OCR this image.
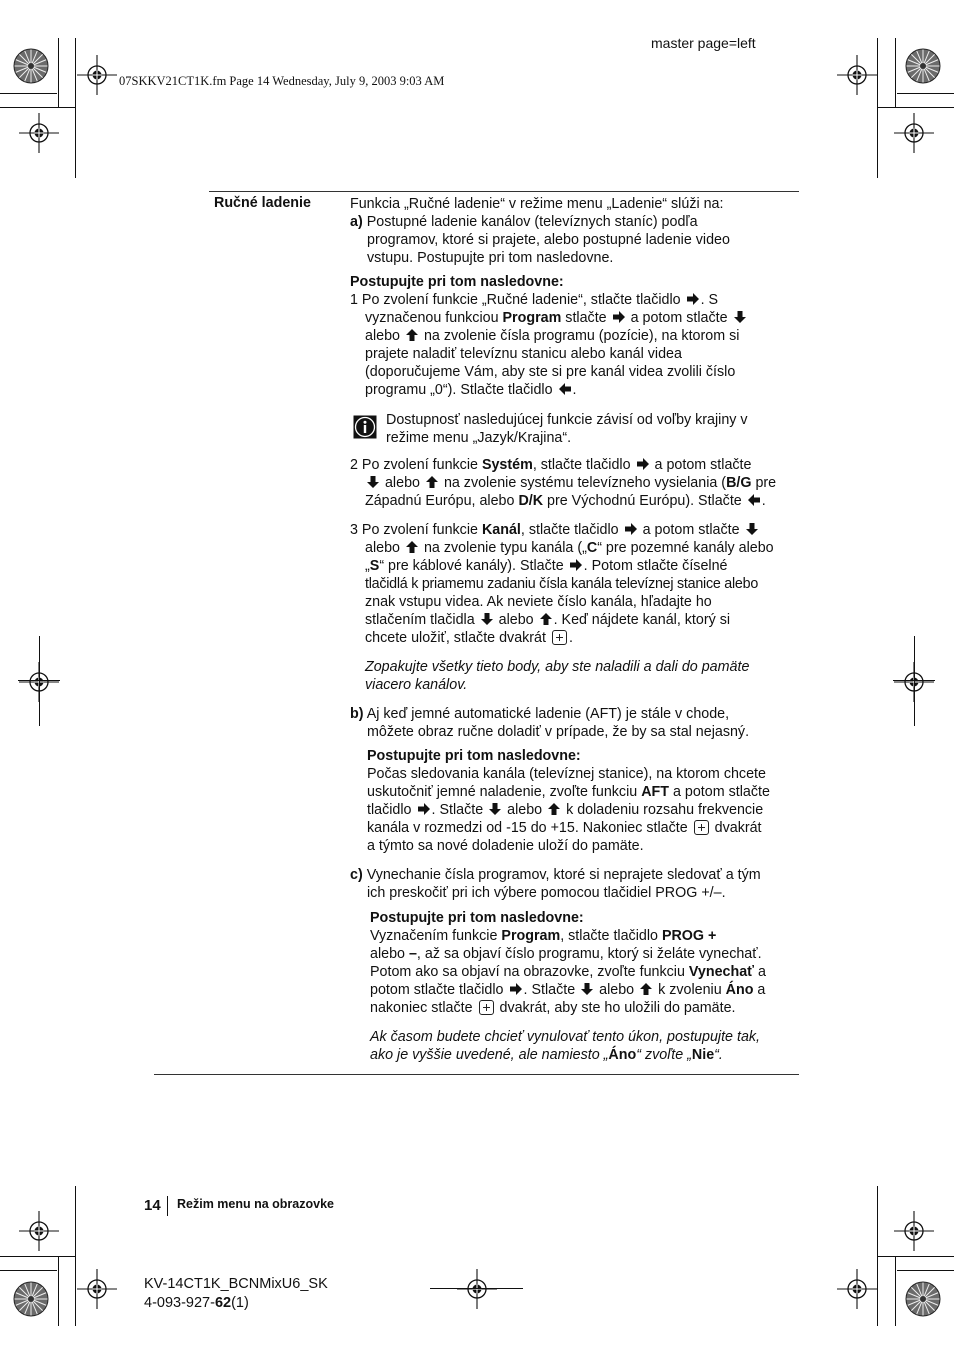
master page=left
07SKKV21CT1K.fm Page 14 Wednesday, July 9, 2003 9:03 AM
Ručné ladenie	Funkcia „Ručné ladenie“ v režime menu „Ladenie“ slúži na:
a) Postupné ladenie kanálov (televíznych staníc) podľa
programov, ktoré si prajete, alebo postupné ladenie video
vstupu. Postupujte pri tom nasledovne.
Postupujte pri tom nasledovne:
1 Po zvolení funkcie „Ručné ladenie“, stlačte tlačidlo . S
vyznačenou funkciou Program stlačte a potom stlačte
alebo na zvolenie čísla programu (pozície), na ktorom si
prajete naladiť televíznu stanicu alebo kanál videa
(doporučujeme Vám, aby ste si pre kanál videa zvolili číslo
programu „0“). Stlačte tlačidlo .
Dostupnosť nasledujúcej funkcie závisí od voľby krajiny v
režime menu „Jazyk/Krajina“.
2 Po zvolení funkcie Systém, stlačte tlačidlo a potom stlačte
alebo na zvolenie systému televízneho vysielania (B/G pre
Západnú Európu, alebo D/K pre Východnú Európu). Stlačte .
3 Po zvolení funkcie Kanál, stlačte tlačidlo a potom stlačte
alebo na zvolenie typu kanála („C“ pre pozemné kanály alebo
„S“ pre káblové kanály). Stlačte . Potom stlačte číselné
tlačidlá k priamemu zadaniu čísla kanála televíznej stanice alebo
znak vstupu videa. Ak neviete číslo kanála, hľadajte ho
stlačením tlačidla alebo . Keď nájdete kanál, ktorý si
chcete uložiť, stlačte dvakrát .
Zopakujte všetky tieto body, aby ste naladili a dali do pamäte
viacero kanálov.
b) Aj keď jemné automatické ladenie (AFT) je stále v chode,
môžete obraz ručne doladiť v prípade, že by sa stal nejasný.
Postupujte pri tom nasledovne:
Počas sledovania kanála (televíznej stanice), na ktorom chcete
uskutočniť jemné naladenie, zvoľte funkciu AFT a potom stlačte
tlačidlo . Stlačte alebo k doladeniu rozsahu frekvencie
kanála v rozmedzi od -15 do +15. Nakoniec stlačte dvakrát
a týmto sa nové doladenie uloží do pamäte.
c) Vynechanie čísla programov, ktoré si neprajete sledovať a tým
ich preskočiť pri ich výbere pomocou tlačidiel PROG +/–.
Postupujte pri tom nasledovne:
Vyznačením funkcie Program, stlačte tlačidlo PROG +
alebo –, až sa objaví číslo programu, ktorý si želáte vynechať.
Potom ako sa objaví na obrazovke, zvoľte funkciu Vynechať a
potom stlačte tlačidlo . Stlačte alebo k zvoleniu Áno a
nakoniec stlačte dvakrát, aby ste ho uložili do pamäte.
Ak časom budete chcieť vynulovať tento úkon, postupujte tak,
ako je vyššie uvedené, ale namiesto „Áno“ zvoľte „Nie“.
14 Režim menu na obrazovke
KV-14CT1K_BCNMixU6_SK
4-093-927-62(1)
